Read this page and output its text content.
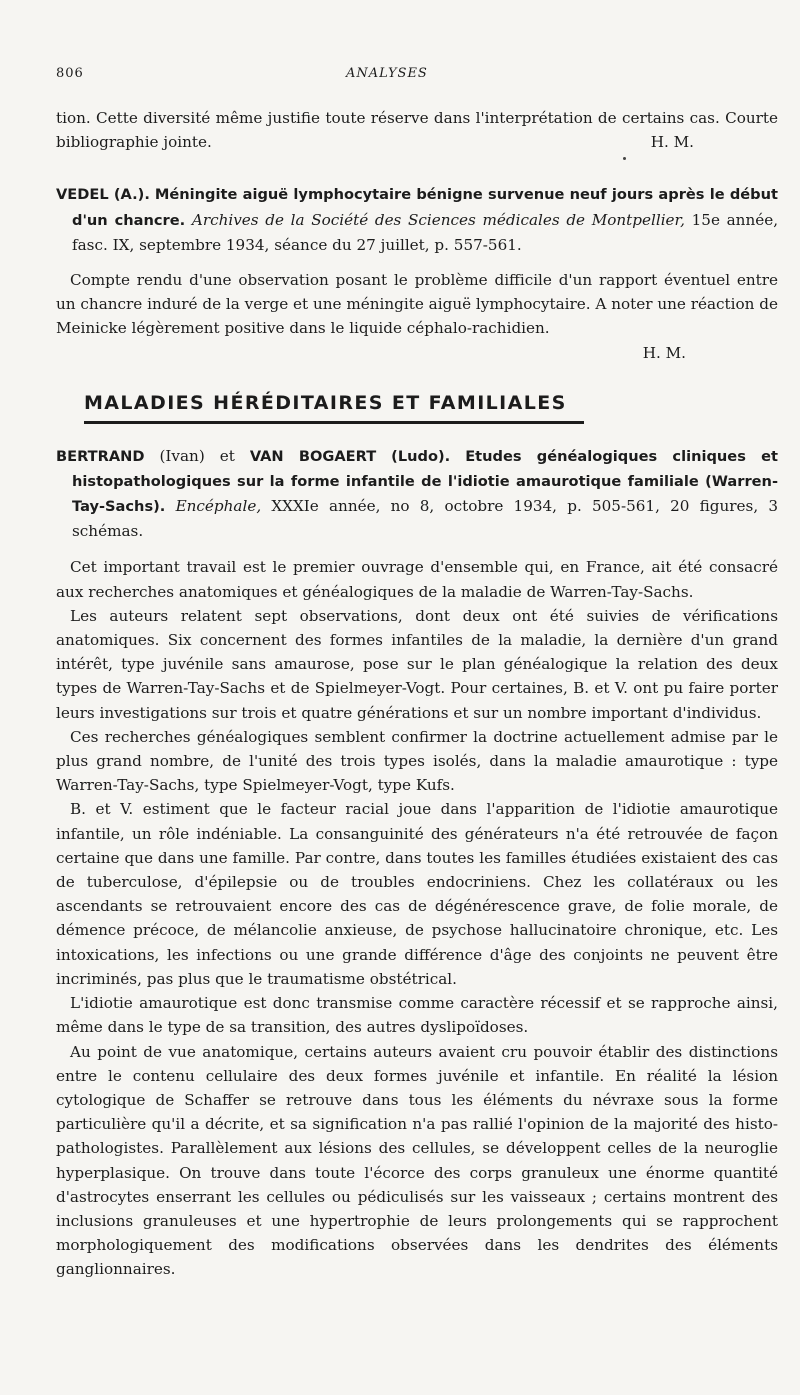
806	ANALYSES

tion. Cette diversité même justifie toute réserve dans l'interprétation de certains cas. Courte bibliographie jointe.	H. M.

VEDEL (A.). Méningite aiguë lymphocytaire bénigne survenue neuf jours après le début d'un chancre. Archives de la Société des Sciences médicales de Montpellier, 15e année, fasc. IX, septembre 1934, séance du 27 juillet, p. 557-561.

Compte rendu d'une observation posant le problème difficile d'un rapport éventuel entre un chancre induré de la verge et une méningite aiguë lymphocytaire. A noter une réaction de Meinicke légèrement positive dans le liquide céphalo-rachidien.

H. M.
MALADIES HÉRÉDITAIRES ET FAMILIALES

BERTRAND (Ivan) et VAN BOGAERT (Ludo). Etudes généalogiques cliniques et histopathologiques sur la forme infantile de l'idiotie amaurotique familiale (Warren-Tay-Sachs). Encéphale, XXXIe année, no 8, octobre 1934, p. 505-561, 20 figures, 3 schémas.

Cet important travail est le premier ouvrage d'ensemble qui, en France, ait été consacré aux recherches anatomiques et généalogiques de la maladie de Warren-Tay-Sachs.

Les auteurs relatent sept observations, dont deux ont été suivies de vérifications anatomiques. Six concernent des formes infantiles de la maladie, la dernière d'un grand intérêt, type juvénile sans amaurose, pose sur le plan généalogique la relation des deux types de Warren-Tay-Sachs et de Spielmeyer-Vogt. Pour certaines, B. et V. ont pu faire porter leurs investigations sur trois et quatre générations et sur un nombre important d'individus.

Ces recherches généalogiques semblent confirmer la doctrine actuellement admise par le plus grand nombre, de l'unité des trois types isolés, dans la maladie amaurotique : type Warren-Tay-Sachs, type Spielmeyer-Vogt, type Kufs.

B. et V. estiment que le facteur racial joue dans l'apparition de l'idiotie amaurotique infantile, un rôle indéniable. La consanguinité des générateurs n'a été retrouvée de façon certaine que dans une famille. Par contre, dans toutes les familles étudiées existaient des cas de tuberculose, d'épilepsie ou de troubles endocriniens. Chez les collatéraux ou les ascendants se retrouvaient encore des cas de dégénérescence grave, de folie morale, de démence précoce, de mélancolie anxieuse, de psychose hallucinatoire chronique, etc. Les intoxications, les infections ou une grande différence d'âge des conjoints ne peuvent être incriminés, pas plus que le traumatisme obstétrical.

L'idiotie amaurotique est donc transmise comme caractère récessif et se rapproche ainsi, même dans le type de sa transition, des autres dyslipoïdoses.

Au point de vue anatomique, certains auteurs avaient cru pouvoir établir des distinctions entre le contenu cellulaire des deux formes juvénile et infantile. En réalité la lésion cytologique de Schaffer se retrouve dans tous les éléments du névraxe sous la forme particulière qu'il a décrite, et sa signification n'a pas rallié l'opinion de la majorité des histo-pathologistes. Parallèlement aux lésions des cellules, se développent celles de la neuroglie hyperplasique. On trouve dans toute l'écorce des corps granuleux une énorme quantité d'astrocytes enserrant les cellules ou pédiculisés sur les vaisseaux ; certains montrent des inclusions granuleuses et une hypertrophie de leurs prolongements qui se rapprochent morphologiquement des modifications observées dans les dendrites des éléments ganglionnaires.
